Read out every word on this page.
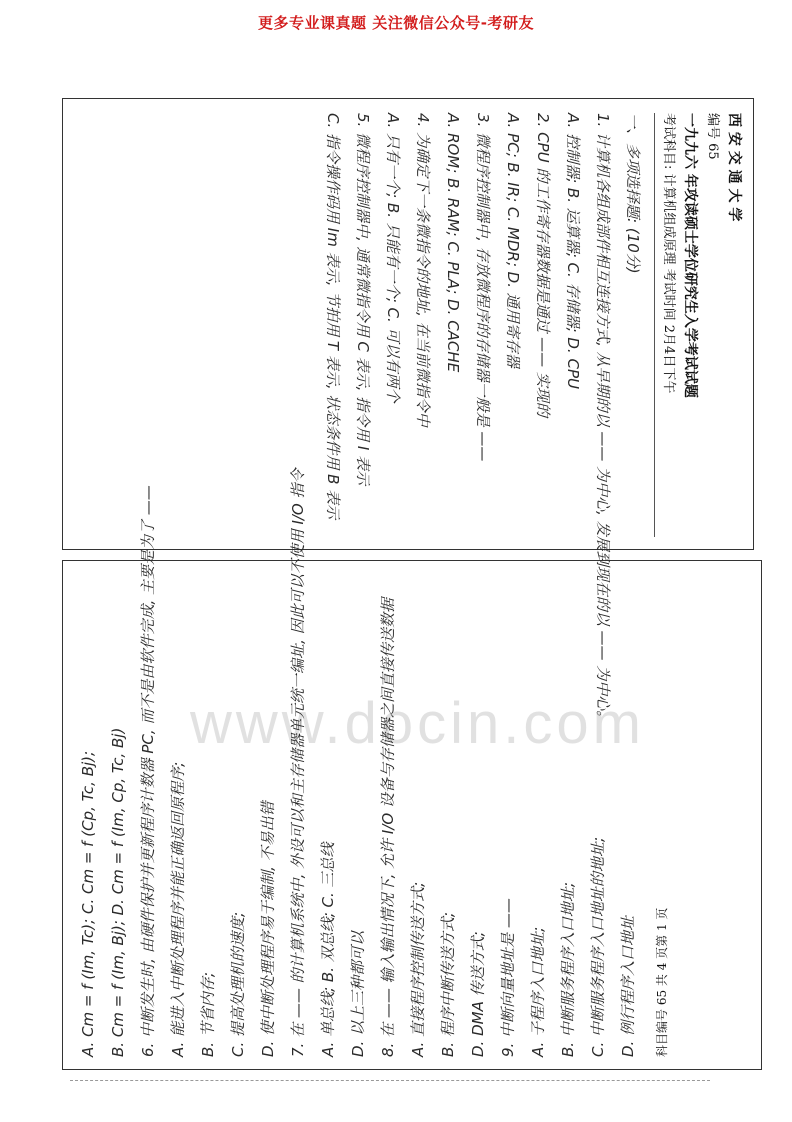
更多专业课真题 关注微信公众号-考研友
www.docin.com
西 安 交 通 大 学
编号 65
一九九六 年攻读硕士学位研究生入学考试试题
考试科目: 计算机组成原理 考试时间 2月4日下午
一、多项选择题: (10分)
1. 计算机各组成部件相互连接方式, 从早期的以 —— 为中心, 发展到现在的以 —— 为中心。
A. 控制器; B. 运算器; C. 存储器; D. CPU
2. CPU 的工作寄存器数据是通过 —— 实现的
A. PC; B. IR; C. MDR; D. 通用寄存器
3. 微程序控制器中, 存放微程序的存储器一般是 ——
A. ROM; B. RAM; C. PLA; D. CACHE
4. 为确定下一条微指令的地址, 在当前微指令中
A. 只有一个; B. 只能有一个; C. 可以有两个
5. 微程序控制器中, 通常微指令用 C 表示, 指令用 I 表示
C. 指令操作码用 Im 表示, 节拍用 T 表示, 状态条件用 B 表示
A. Cm = f (Im, Tc); C. Cm = f (Cp, Tc, Bj); B. Cm = f (Im, Bj); D. Cm = f (Im, Cp, Tc, Bj) 6. 中断发生时, 由硬件保护并更新程序计数器 PC, 而不是由软件完成, 主要是为了 —— A. 能进入中断处理程序并能正确返回原程序; B. 节省内存; C. 提高处理机的速度; D. 使中断处理程序易于编制, 不易出错 7. 在 —— 的计算机系统中, 外设可以和主存储器单元统一编址, 因此可以不使用 I/O 指令 A. 单总线; B. 双总线; C. 三总线 D. 以上三种都可以 8. 在 —— 输入输出情况下, 允许 I/O 设备与存储器之间直接传送数据 A. 直接程序控制传送方式; B. 程序中断传送方式; D. DMA 传送方式; 9. 中断向量地址是 —— A. 子程序入口地址; B. 中断服务程序入口地址; C. 中断服务程序入口地址的地址; D. 例行程序入口地址	科目编号 65 共 4 页第 1 页
